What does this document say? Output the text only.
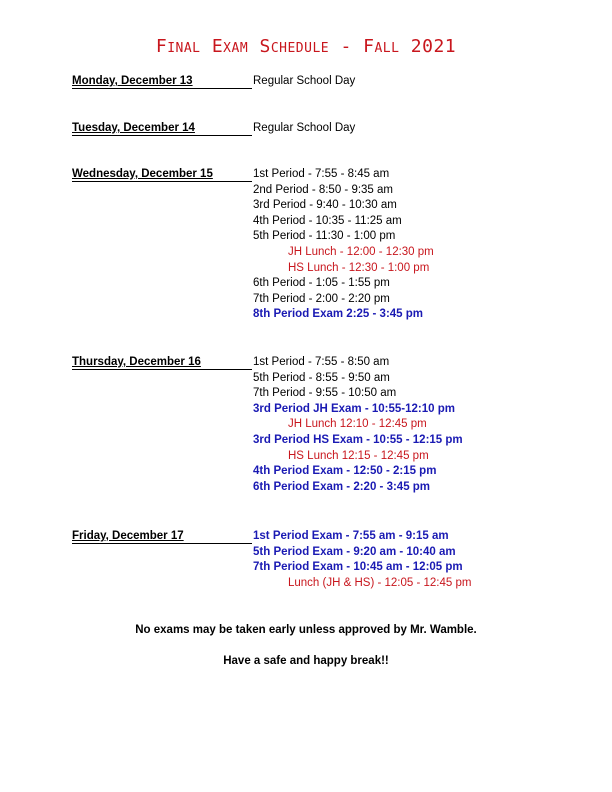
Final Exam Schedule - Fall 2021
Monday, December 13	Regular School Day
Tuesday, December 14	Regular School Day
Wednesday, December 15	1st Period - 7:55 - 8:45 am
2nd Period - 8:50 - 9:35 am
3rd Period - 9:40 - 10:30 am
4th Period - 10:35 - 11:25 am
5th Period - 11:30 - 1:00 pm
JH Lunch - 12:00 - 12:30 pm
HS Lunch - 12:30 - 1:00 pm
6th Period - 1:05 - 1:55 pm
7th Period - 2:00 - 2:20 pm
8th Period Exam 2:25 - 3:45 pm
Thursday, December 16	1st Period - 7:55 - 8:50 am
5th Period - 8:55 - 9:50 am
7th Period - 9:55 - 10:50 am
3rd Period JH Exam - 10:55-12:10 pm
JH Lunch 12:10 - 12:45 pm
3rd Period HS Exam - 10:55 - 12:15 pm
HS Lunch 12:15 - 12:45 pm
4th Period Exam - 12:50 - 2:15 pm
6th Period Exam - 2:20 - 3:45 pm
Friday, December 17	1st Period Exam - 7:55 am - 9:15 am
5th Period Exam - 9:20 am - 10:40 am
7th Period Exam - 10:45 am - 12:05 pm
Lunch (JH & HS) - 12:05 - 12:45 pm
No exams may be taken early unless approved by Mr. Wamble.
Have a safe and happy break!!
